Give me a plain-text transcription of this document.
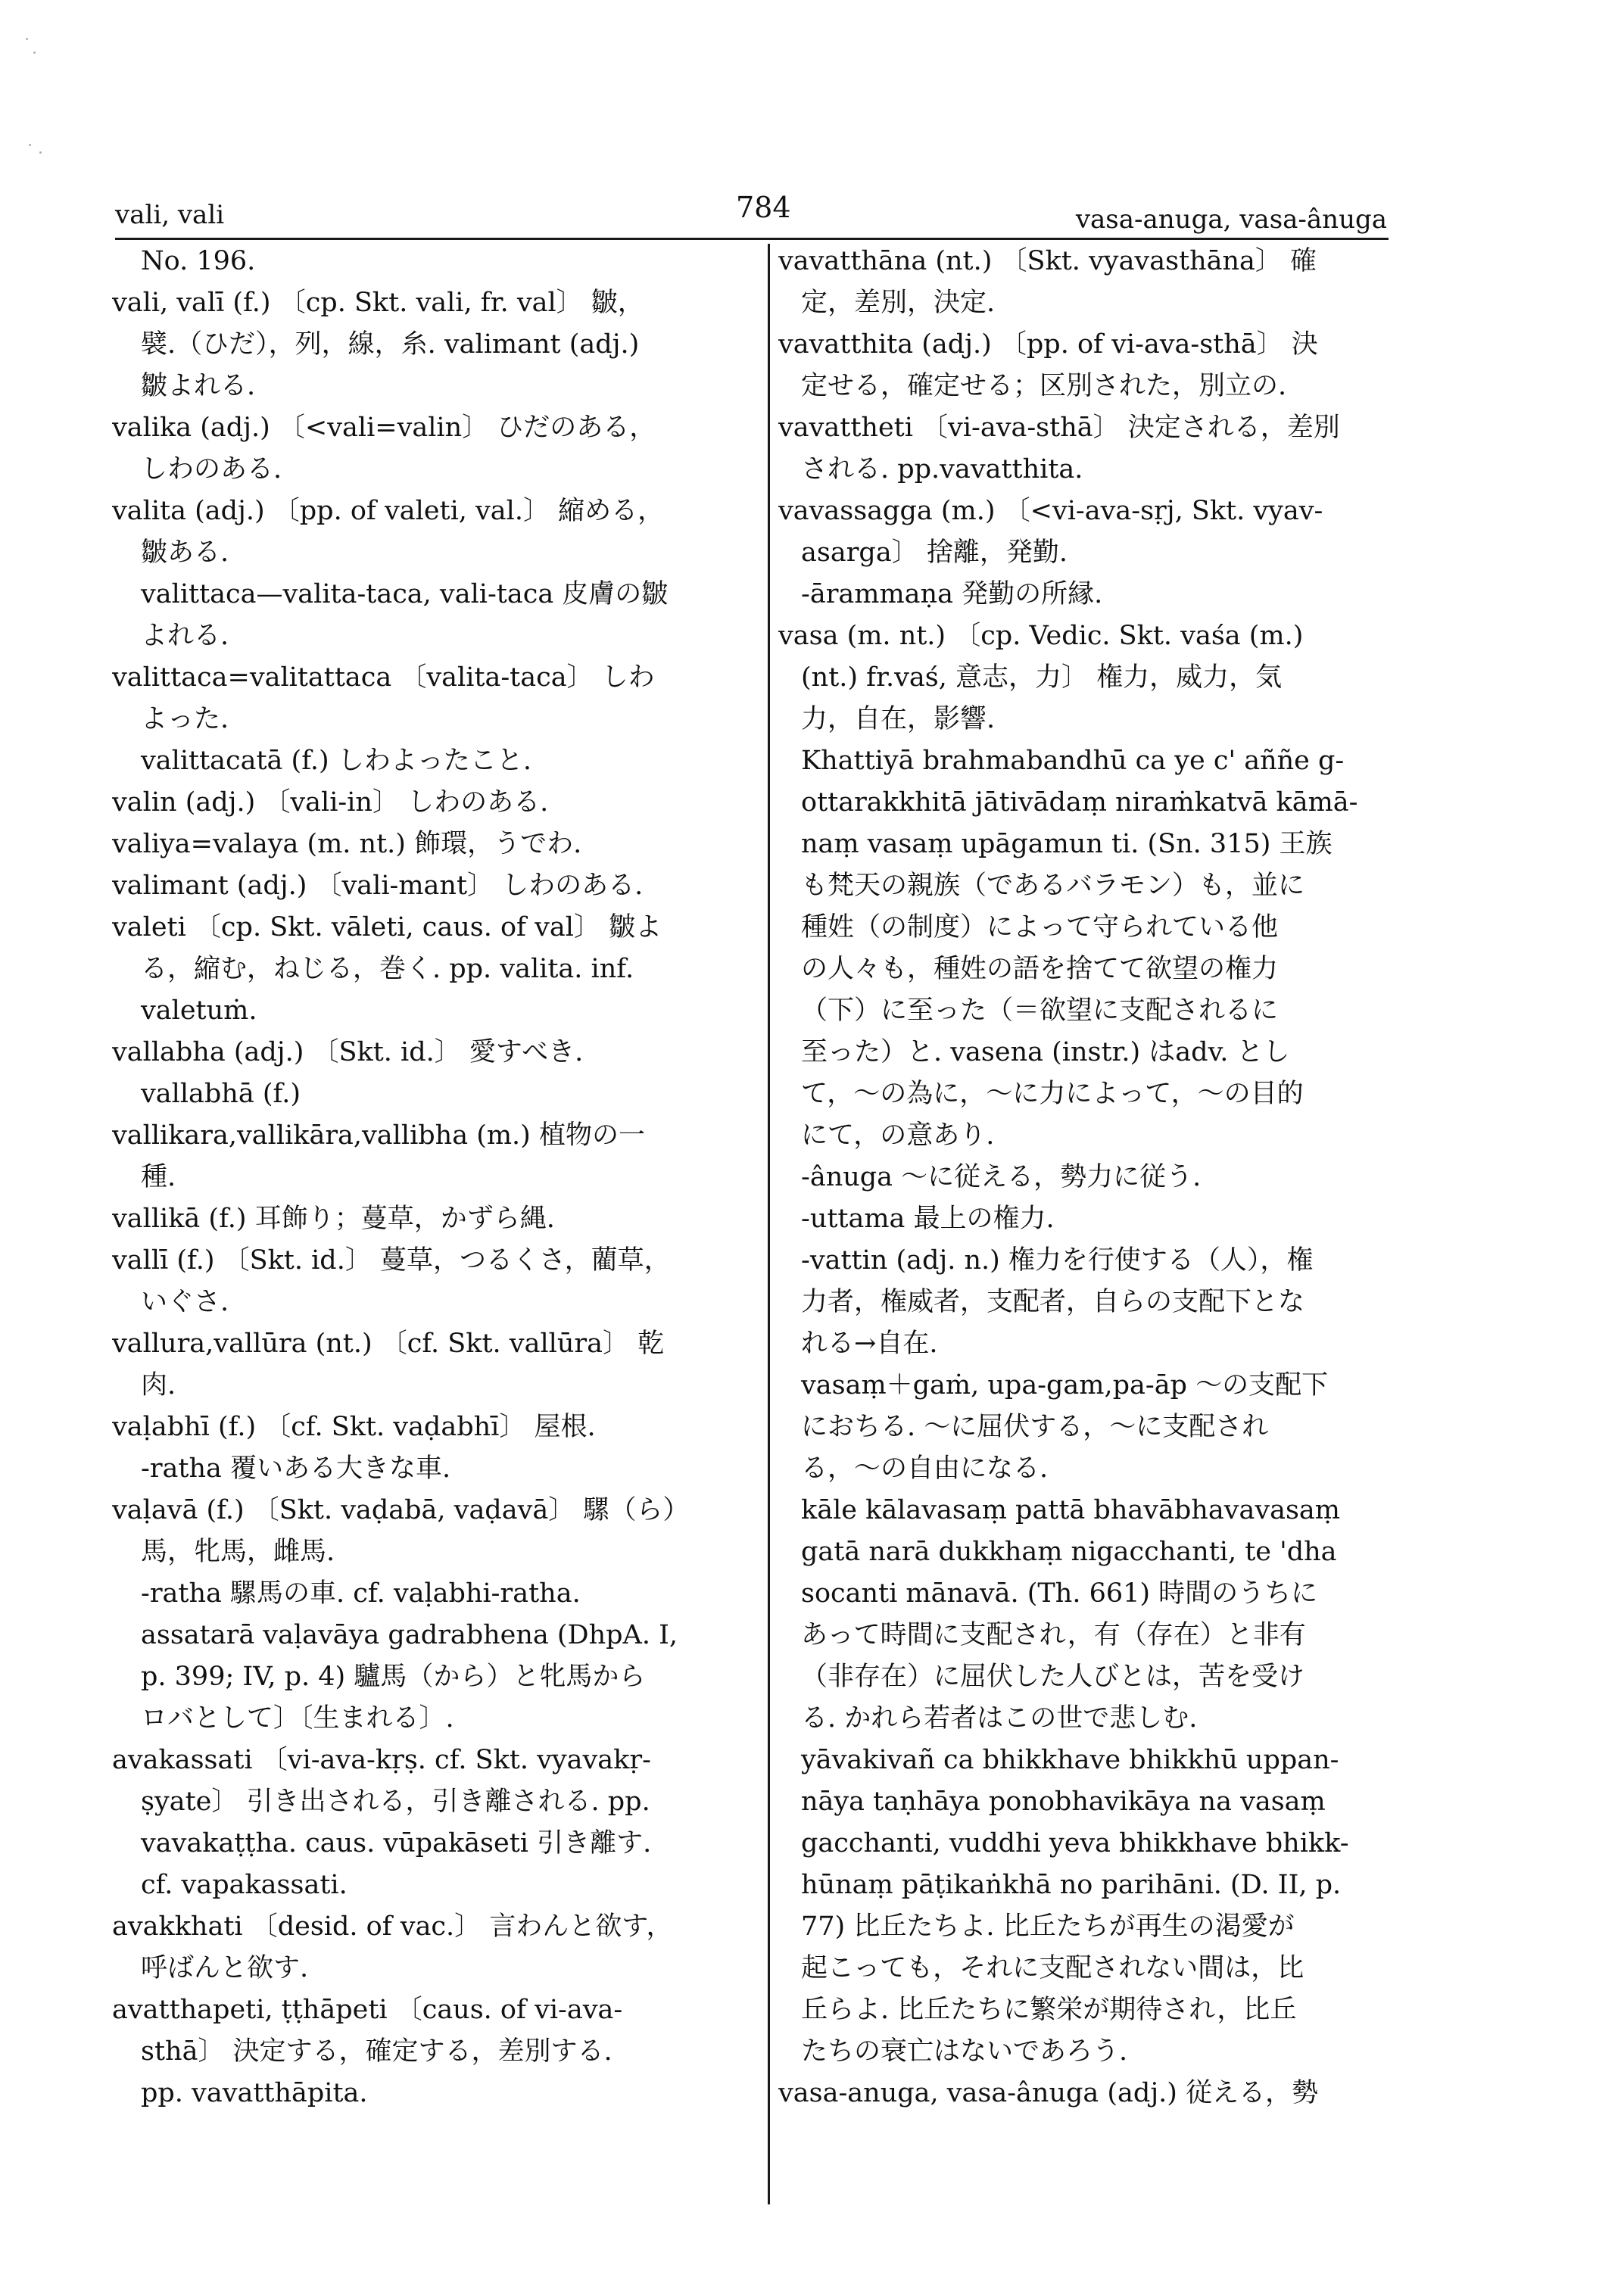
vali, vali	784	vasa-anuga, vasa-ânuga
No. 196.
vali, valī (f.) 〔cp. Skt. vali, fr. val〕 皺，
襞.（ひだ），列，線，糸. valimant (adj.)
皺よれる.
valika (adj.) 〔<vali=valin〕 ひだのある，
しわのある.
valita (adj.) 〔pp. of valeti, val.〕 縮める，
皺ある.
valittaca—valita-taca, vali-taca 皮膚の皺
よれる.
valittaca=valitattaca 〔valita-taca〕 しわ
よった.
valittacatā (f.) しわよったこと.
valin (adj.) 〔vali-in〕 しわのある.
valiya=valaya (m. nt.) 飾環，うでわ.
valimant (adj.) 〔vali-mant〕 しわのある.
valeti 〔cp. Skt. vāleti, caus. of val〕 皺よ
る，縮む，ねじる，巻く. pp. valita. inf.
valetuṁ.
vallabha (adj.) 〔Skt. id.〕 愛すべき.
vallabhā (f.)
vallikara,vallikāra,vallibha (m.) 植物の一
種.
vallikā (f.) 耳飾り；蔓草，かずら縄.
vallī (f.) 〔Skt. id.〕 蔓草，つるくさ，藺草，
いぐさ.
vallura,vallūra (nt.) 〔cf. Skt. vallūra〕 乾
肉.
vaḷabhī (f.) 〔cf. Skt. vaḍabhī〕 屋根.
-ratha 覆いある大きな車.
vaḷavā (f.) 〔Skt. vaḍabā, vaḍavā〕 騾（ら）
馬，牝馬，雌馬.
-ratha 騾馬の車. cf. vaḷabhi-ratha.
assatarā vaḷavāya gadrabhena (DhpA. I,
p. 399; IV, p. 4) 驢馬（から）と牝馬から
ロバとして〕〔生まれる〕.
avakassati 〔vi-ava-kṛṣ. cf. Skt. vyavakṛ-
ṣyate〕 引き出される，引き離される. pp.
vavakaṭṭha. caus. vūpakāseti 引き離す.
cf. vapakassati.
avakkhati 〔desid. of vac.〕 言わんと欲す，
呼ばんと欲す.
avatthapeti, ṭṭhāpeti 〔caus. of vi-ava-
sthā〕 決定する，確定する，差別する.
pp. vavatthāpita.
vavatthāna (nt.) 〔Skt. vyavasthāna〕 確
定，差別，決定.
vavatthita (adj.) 〔pp. of vi-ava-sthā〕 決
定せる，確定せる；区別された，別立の.
vavattheti 〔vi-ava-sthā〕 決定される，差別
される. pp.vavatthita.
vavassagga (m.) 〔<vi-ava-sṛj, Skt. vyav-
asarga〕 捨離，発勤.
-ārammaṇa 発勤の所縁.
vasa (m. nt.) 〔cp. Vedic. Skt. vaśa (m.)
(nt.) fr.vaś, 意志，力〕 権力，威力，気
力，自在，影響.
Khattiyā brahmabandhū ca ye c' aññe g-
ottarakkhitā jātivādaṃ niraṁkatvā kāmā-
naṃ vasaṃ upāgamun ti. (Sn. 315) 王族
も梵天の親族（であるバラモン）も，並に
種姓（の制度）によって守られている他
の人々も，種姓の語を捨てて欲望の権力
（下）に至った（＝欲望に支配されるに
至った）と. vasena (instr.) はadv. とし
て，～の為に，～に力によって，～の目的
にて，の意あり.
-ânuga ～に従える，勢力に従う.
-uttama 最上の権力.
-vattin (adj. n.) 権力を行使する（人），権
力者，権威者，支配者，自らの支配下とな
れる→自在.
vasaṃ＋gaṁ, upa-gam,pa-āp ～の支配下
におちる. ～に屈伏する，～に支配され
る，～の自由になる.
kāle kālavasaṃ pattā bhavābhavavasaṃ
gatā narā dukkhaṃ nigacchanti, te 'dha
socanti mānavā. (Th. 661) 時間のうちに
あって時間に支配され，有（存在）と非有
（非存在）に屈伏した人びとは，苦を受け
る. かれら若者はこの世で悲しむ.
yāvakivañ ca bhikkhave bhikkhū uppan-
nāya taṇhāya ponobhavikāya na vasaṃ
gacchanti, vuddhi yeva bhikkhave bhikk-
hūnaṃ pāṭikaṅkhā no parihāni. (D. II, p.
77) 比丘たちよ. 比丘たちが再生の渇愛が
起こっても，それに支配されない間は，比
丘らよ. 比丘たちに繁栄が期待され，比丘
たちの衰亡はないであろう.
vasa-anuga, vasa-ânuga (adj.) 従える，勢
